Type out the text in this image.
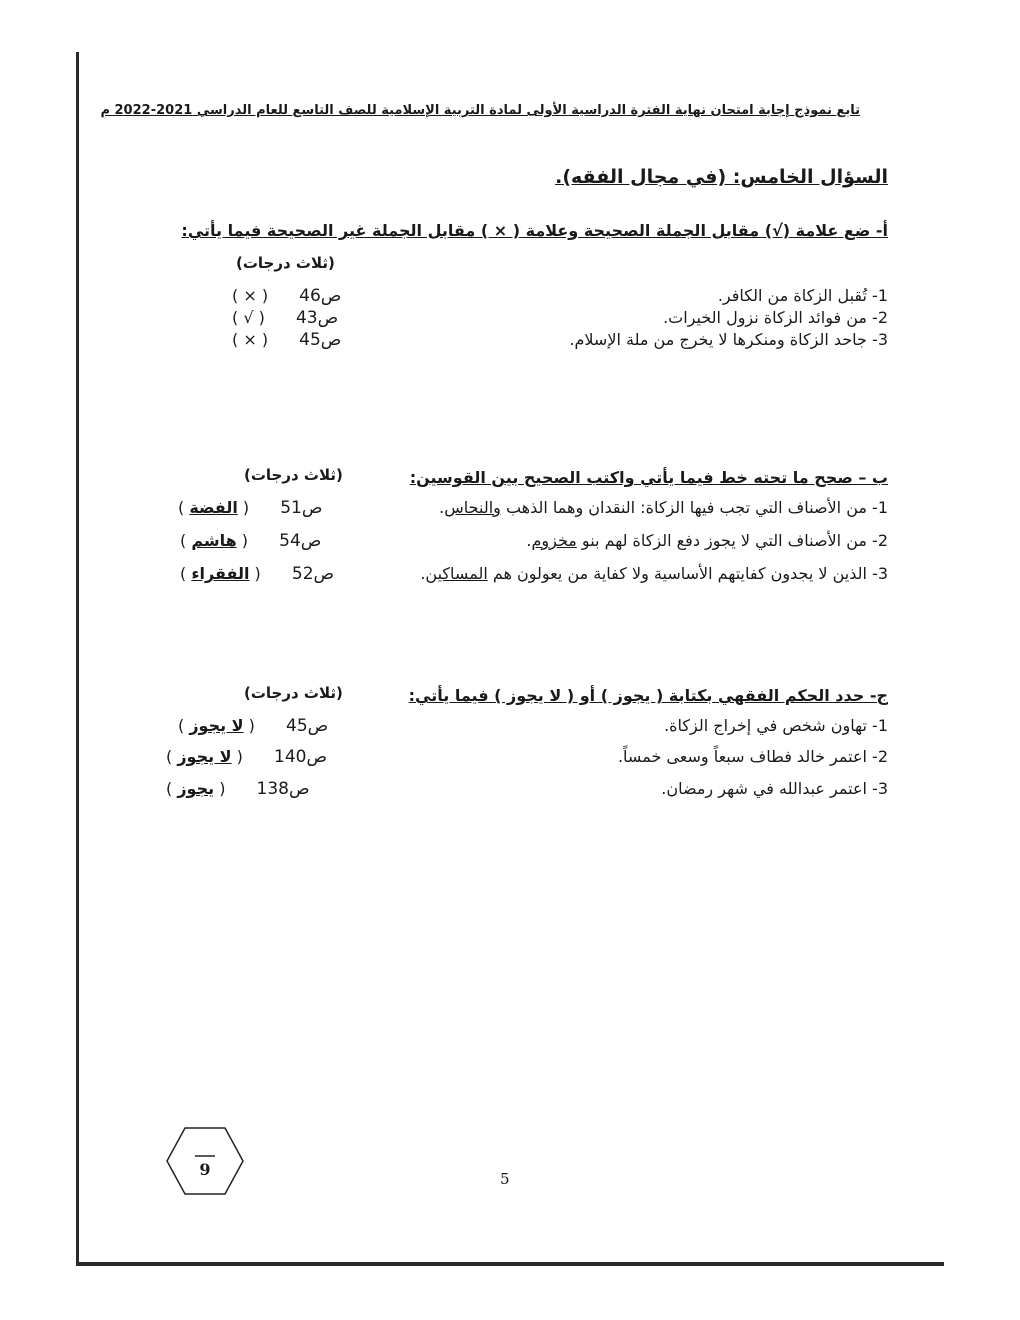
تابع نموذج إجابة امتحان نهاية الفترة الدراسية الأولى لمادة التربية الإسلامية للصف التاسع للعام الدراسي 2021-2022 م
السؤال الخامس: (في مجال الفقه).
أ- ضع علامة (√) مقابل الجملة الصحيحة وعلامة ( × ) مقابل الجملة غير الصحيحة فيما يأتي:
(ثلاث درجات)
1- تُقبل الزكاة من الكافر.
ص46 ( × )
2- من فوائد الزكاة نزول الخيرات.
ص43 ( √ )
3- جاحد الزكاة ومنكرها لا يخرج من ملة الإسلام.
ص45 ( × )
ب – صحح ما تحته خط فيما يأتي واكتب الصحيح بين القوسين:
(ثلاث درجات)
1- من الأصناف التي تجب فيها الزكاة: النقدان وهما الذهب والنحاس.
ص51 ( الفضة )
2- من الأصناف التي لا يجوز دفع الزكاة لهم بنو مخزوم.
ص54 ( هاشم )
3- الذين لا يجدون كفايتهم الأساسية ولا كفاية من يعولون هم المساكين.
ص52 ( الفقراء )
ج- حدد الحكم الفقهي بكتابة ( يجوز ) أو ( لا يجوز ) فيما يأتي:
(ثلاث درجات)
1- تهاون شخص في إخراج الزكاة.
ص45 ( لا يجوز )
2- اعتمر خالد فطاف سبعاً وسعى خمساً.
ص140 ( لا يجوز )
3- اعتمر عبدالله في شهر رمضان.
ص138 ( يجوز )
9	5
